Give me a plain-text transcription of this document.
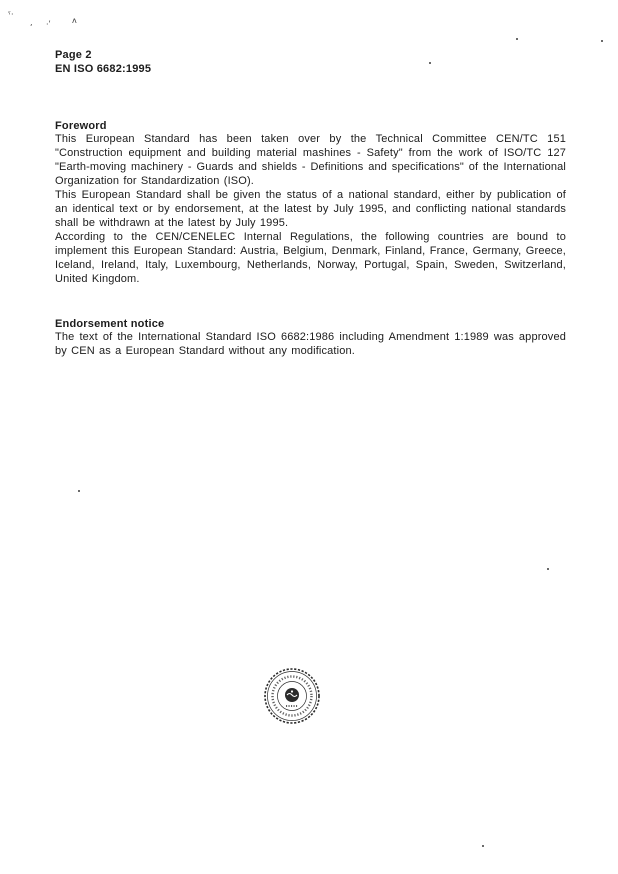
ˁ·
, ·ʹ	ʌ
Page 2
EN ISO 6682:1995
Foreword

This European Standard has been taken over by the Technical Committee CEN/TC 151 "Construction equipment and building material mashines - Safety" from the work of ISO/TC 127 "Earth-moving machinery - Guards and shields - Definitions and specifications" of the International Organization for Standardization (ISO).

This European Standard shall be given the status of a national standard, either by publication of an identical text or by endorsement, at the latest by July 1995, and conflicting national standards shall be withdrawn at the latest by July 1995.

According to the CEN/CENELEC Internal Regulations, the following countries are bound to implement this European Standard: Austria, Belgium, Denmark, Finland, France, Germany, Greece, Iceland, Ireland, Italy, Luxembourg, Netherlands, Norway, Portugal, Spain, Sweden, Switzerland, United Kingdom.

Endorsement notice

The text of the International Standard ISO 6682:1986 including Amendment 1:1989 was approved by CEN as a European Standard without any modification.
